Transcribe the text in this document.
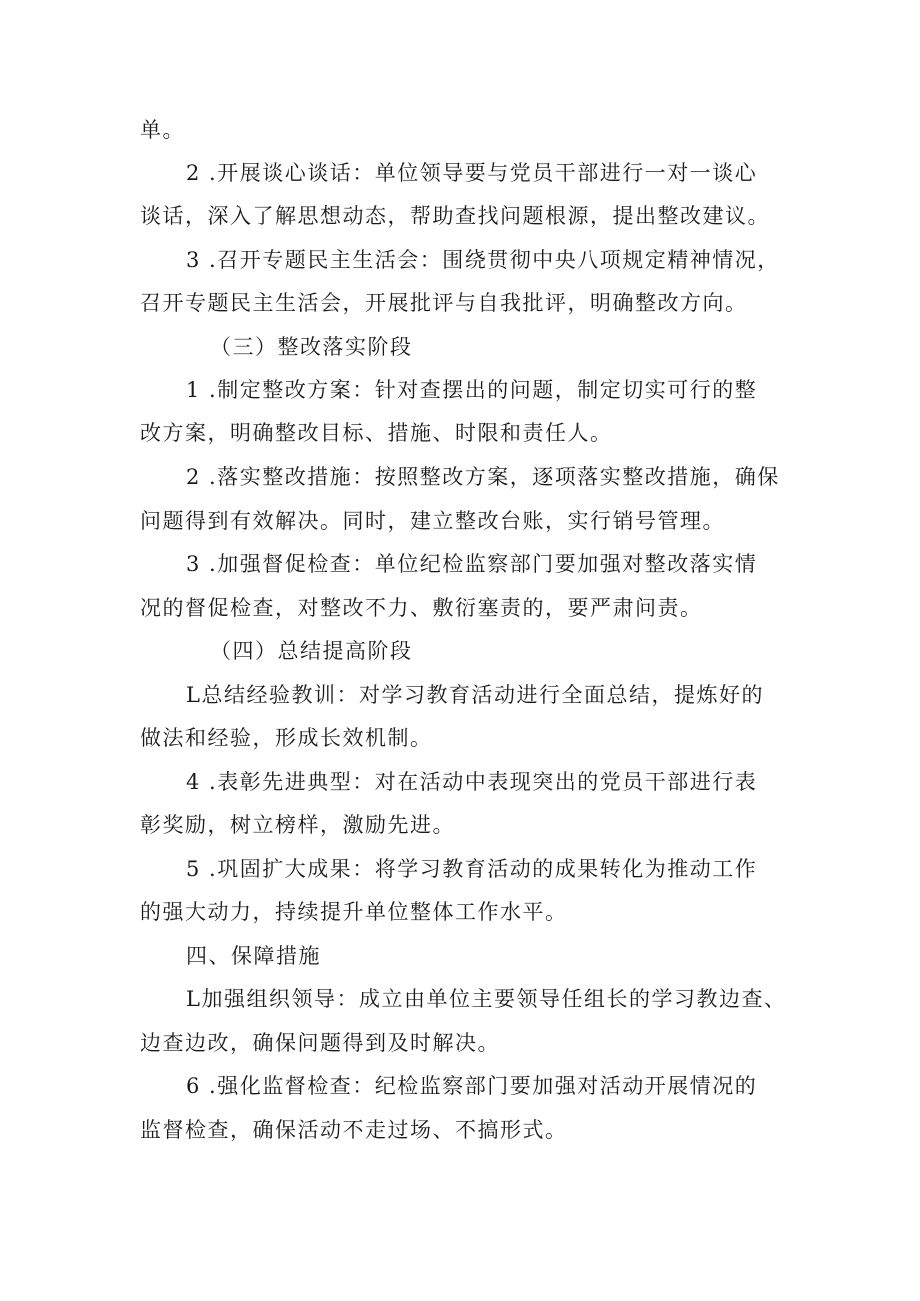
单。
2 .开展谈心谈话：单位领导要与党员干部进行一对一谈心
谈话，深入了解思想动态，帮助查找问题根源，提出整改建议。
3 .召开专题民主生活会：围绕贯彻中央八项规定精神情况，
召开专题民主生活会，开展批评与自我批评，明确整改方向。
（三）整改落实阶段
1 .制定整改方案：针对查摆出的问题，制定切实可行的整
改方案，明确整改目标、措施、时限和责任人。
2 .落实整改措施：按照整改方案，逐项落实整改措施，确保
问题得到有效解决。同时，建立整改台账，实行销号管理。
3 .加强督促检查：单位纪检监察部门要加强对整改落实情
况的督促检查，对整改不力、敷衍塞责的，要严肃问责。
（四）总结提高阶段
L总结经验教训：对学习教育活动进行全面总结，提炼好的
做法和经验，形成长效机制。
4 .表彰先进典型：对在活动中表现突出的党员干部进行表
彰奖励，树立榜样，激励先进。
5 .巩固扩大成果：将学习教育活动的成果转化为推动工作
的强大动力，持续提升单位整体工作水平。
四、保障措施
L加强组织领导：成立由单位主要领导任组长的学习教边查、
边查边改，确保问题得到及时解决。
6 .强化监督检查：纪检监察部门要加强对活动开展情况的
监督检查，确保活动不走过场、不搞形式。
